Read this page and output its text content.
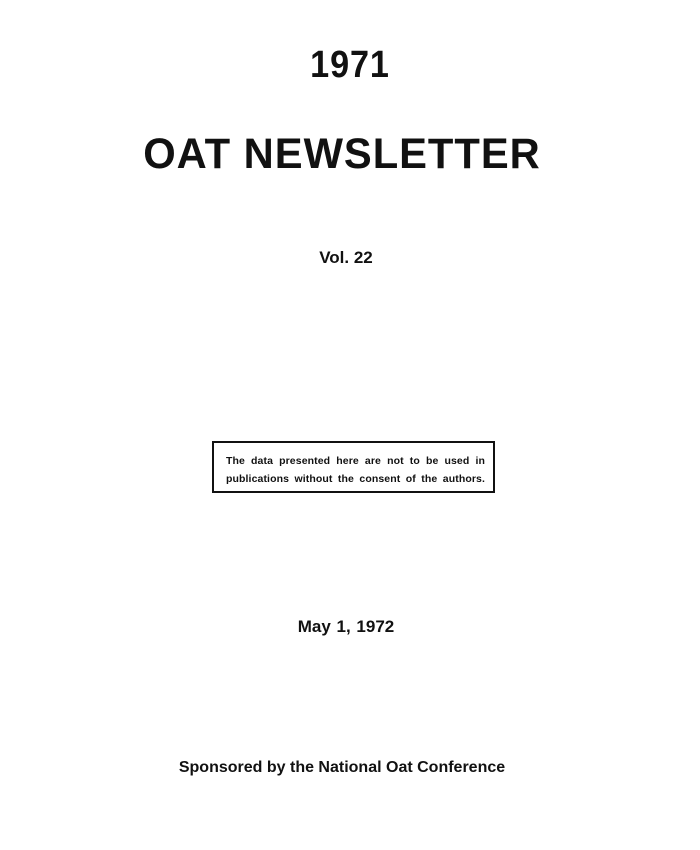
1971
OAT NEWSLETTER
Vol. 22
The data presented here are not to be used in
publications without the consent of the authors.
May 1, 1972
Sponsored by the National Oat Conference
